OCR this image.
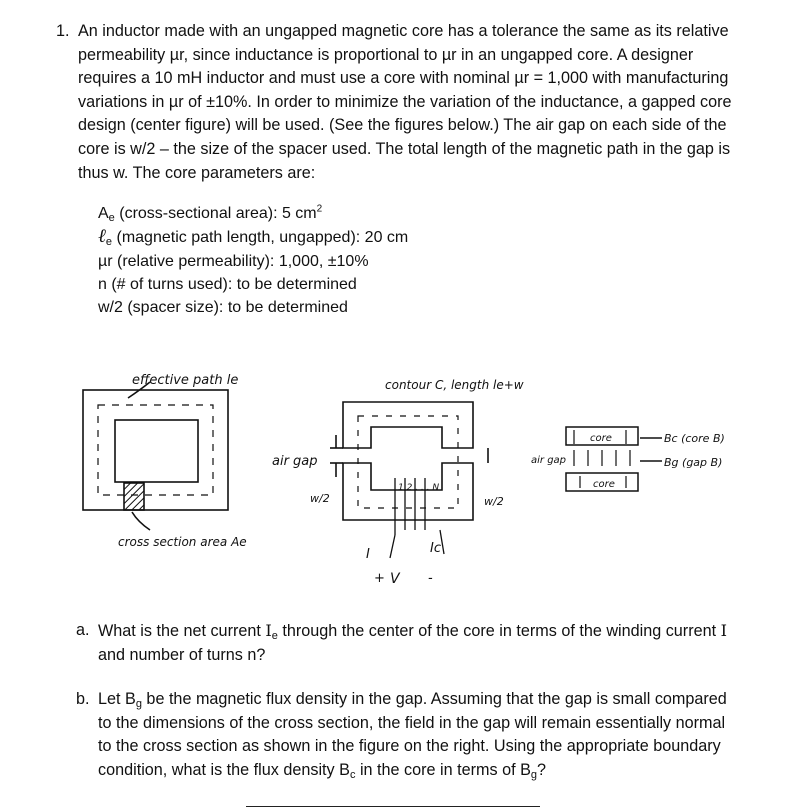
1. An inductor made with an ungapped magnetic core has a tolerance the same as its relative permeability µr, since inductance is proportional to µr in an ungapped core. A designer requires a 10 mH inductor and must use a core with nominal µr = 1,000 with manufacturing variations in µr of ±10%. In order to minimize the variation of the inductance, a gapped core design (center figure) will be used. (See the figures below.) The air gap on each side of the core is w/2 – the size of the spacer used. The total length of the magnetic path in the gap is thus w. The core parameters are:
$A_e$ (cross-sectional area): 5 $cm^2$
ℓ$_e$ (magnetic path length, ungapped): 20 cm
µr (relative permeability): 1,000, ±10%
n (# of turns used): to be determined
w/2 (spacer size): to be determined
effective path le
cross section area Ae
contour C, length le+w
air gap
w/2	w/2
1 2 . . . N
I	Ic
+ V -
core
air gap
core
Bc (core B)
Bg (gap B)
a. What is the net current $I_e$ through the center of the core in terms of the winding current I and number of turns n?
b. Let $B_g$ be the magnetic flux density in the gap. Assuming that the gap is small compared to the dimensions of the cross section, the field in the gap will remain essentially normal to the cross section as shown in the figure on the right. Using the appropriate boundary condition, what is the flux density $B_c$ in the core in terms of $B_g$?
